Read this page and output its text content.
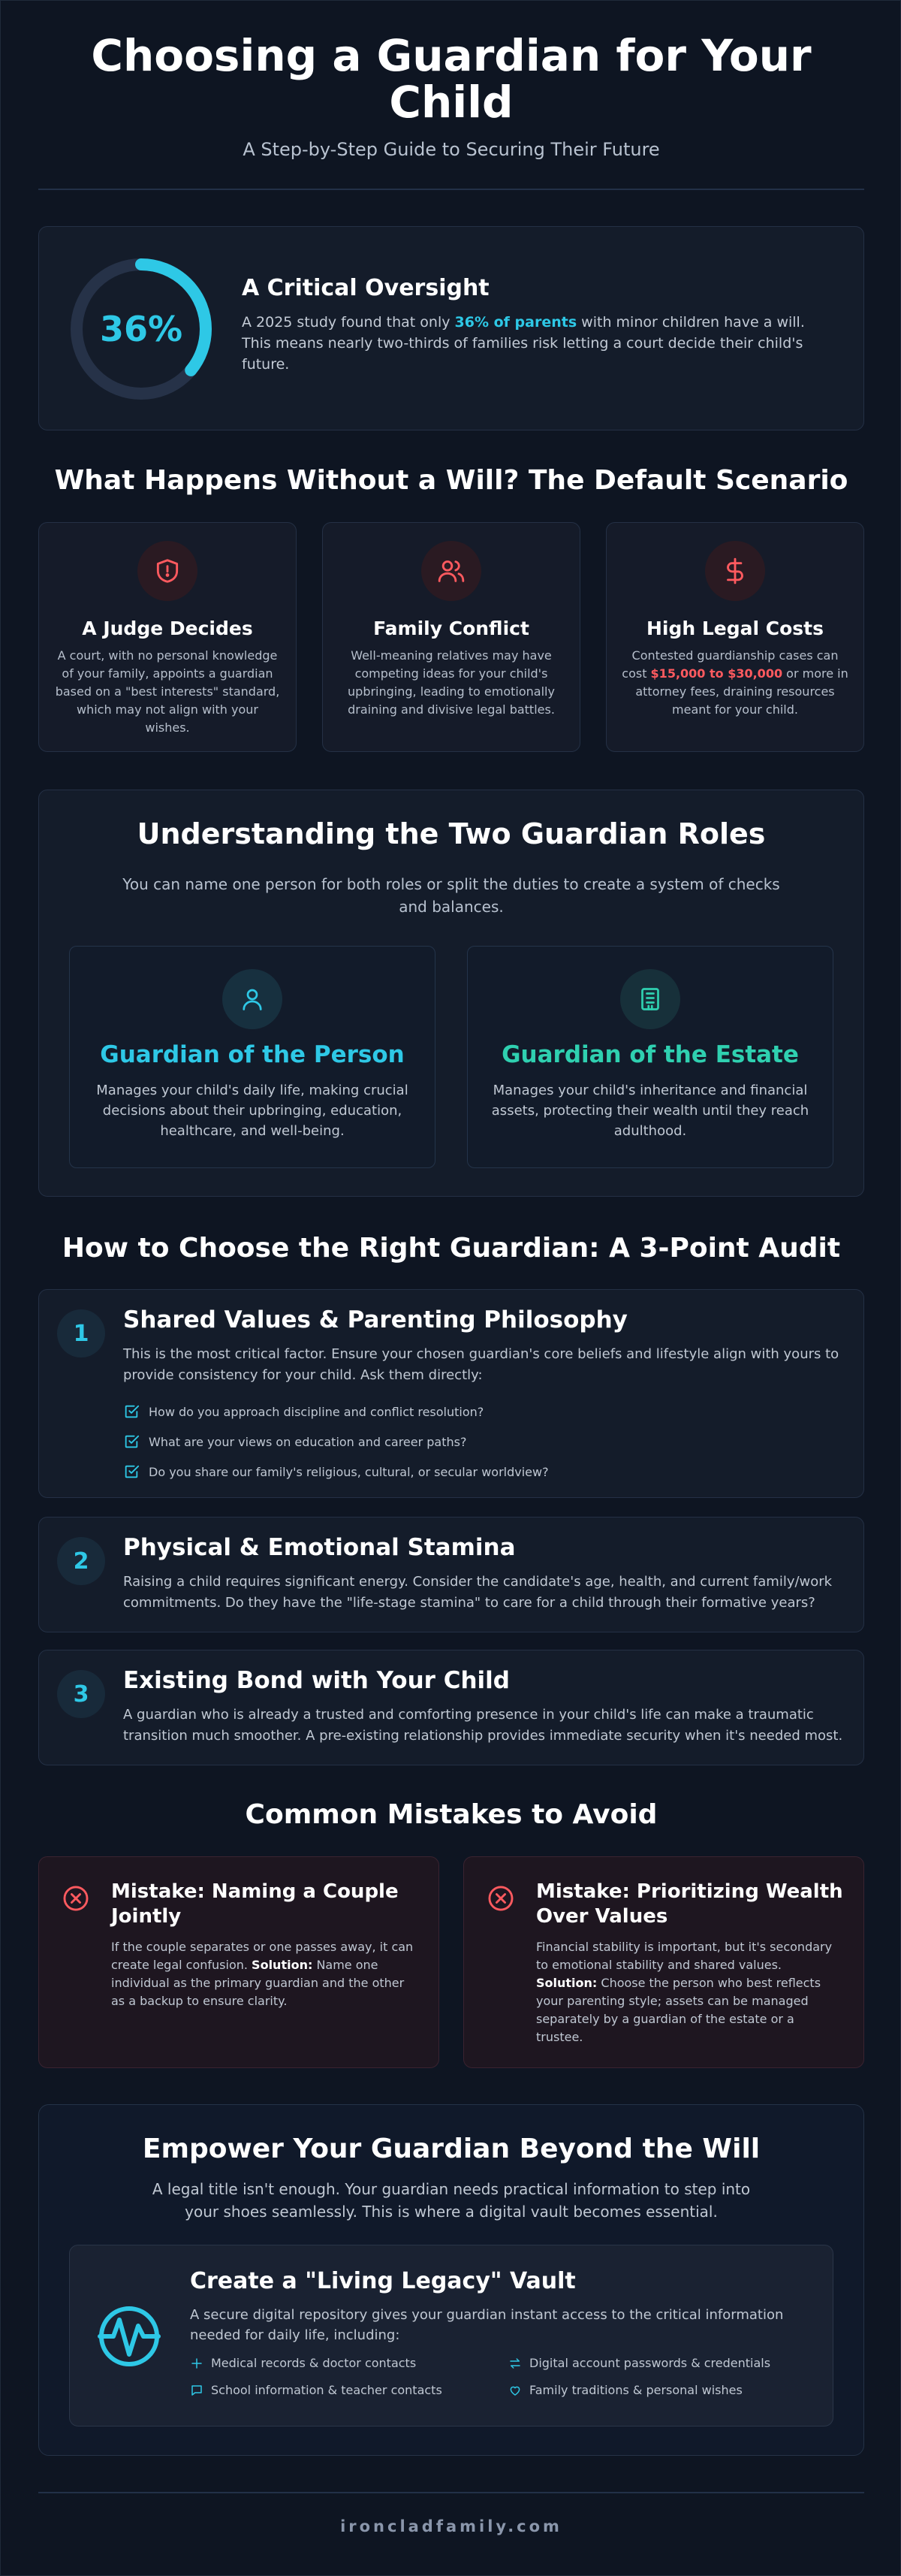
Choosing a Guardian for Your Child

A Step-by-Step Guide to Securing Their Future

36%
A Critical Oversight

A 2025 study found that only 36% of parents with minor children have a will. This means nearly two-thirds of families risk letting a court decide their child's future.

What Happens Without a Will? The Default Scenario
A Judge Decides

A court, with no personal knowledge of your family, appoints a guardian based on a "best interests" standard, which may not align with your wishes.

Family Conflict

Well-meaning relatives may have competing ideas for your child's upbringing, leading to emotionally draining and divisive legal battles.

High Legal Costs

Contested guardianship cases can cost $15,000 to $30,000 or more in attorney fees, draining resources meant for your child.

Understanding the Two Guardian Roles

You can name one person for both roles or split the duties to create a system of checks and balances.

Guardian of the Person

Manages your child's daily life, making crucial decisions about their upbringing, education, healthcare, and well-being.

Guardian of the Estate

Manages your child's inheritance and financial assets, protecting their wealth until they reach adulthood.

How to Choose the Right Guardian: A 3-Point Audit
1	Shared Values & Parenting Philosophy

This is the most critical factor. Ensure your chosen guardian's core beliefs and lifestyle align with yours to provide consistency for your child. Ask them directly:

How do you approach discipline and conflict resolution?
What are your views on education and career paths?
Do you share our family's religious, cultural, or secular worldview?
2	Physical & Emotional Stamina

Raising a child requires significant energy. Consider the candidate's age, health, and current family/work commitments. Do they have the "life-stage stamina" to care for a child through their formative years?

3	Existing Bond with Your Child

A guardian who is already a trusted and comforting presence in your child's life can make a traumatic transition much smoother. A pre-existing relationship provides immediate security when it's needed most.

Common Mistakes to Avoid
Mistake: Naming a Couple Jointly

If the couple separates or one passes away, it can create legal confusion. Solution: Name one individual as the primary guardian and the other as a backup to ensure clarity.

Mistake: Prioritizing Wealth Over Values

Financial stability is important, but it's secondary to emotional stability and shared values. Solution: Choose the person who best reflects your parenting style; assets can be managed separately by a guardian of the estate or a trustee.

Empower Your Guardian Beyond the Will

A legal title isn't enough. Your guardian needs practical information to step into your shoes seamlessly. This is where a digital vault becomes essential.

Create a "Living Legacy" Vault

A secure digital repository gives your guardian instant access to the critical information needed for daily life, including:

Medical records & doctor contacts	Digital account passwords & credentials
School information & teacher contacts	Family traditions & personal wishes
ironcladfamily.com
